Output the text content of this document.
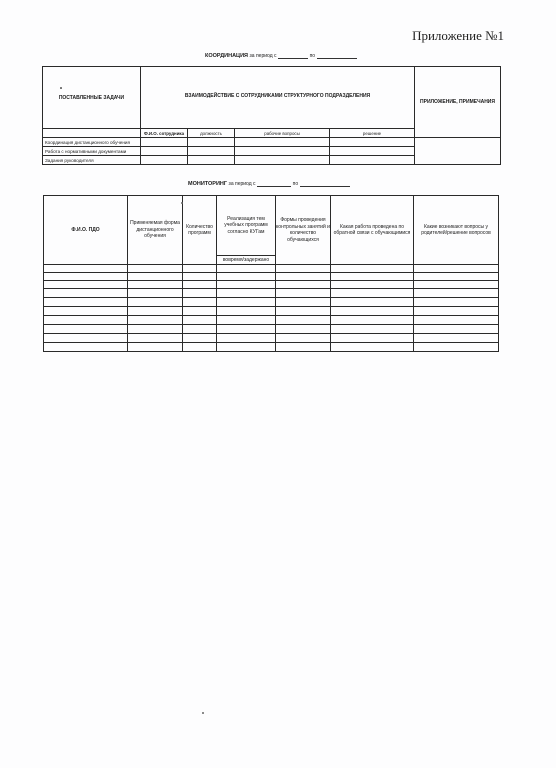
Приложение №1
КООРДИНАЦИЯ за период с	по
ПОСТАВЛЕННЫЕ ЗАДАЧИ	ВЗАИМОДЕЙСТВИЕ С СОТРУДНИКАМИ СТРУКТУРНОГО ПОДРАЗДЕЛЕНИЯ				ПРИЛОЖЕНИЕ, ПРИМЕЧАНИЯ
	Ф.И.О. сотрудника	должность	рабочие вопросы	решение	
Координация дистанционного обучения					
Работа с нормативными документами					
Задания руководителя					
МОНИТОРИНГ за период с	по
Ф.И.О. ПДО	Применяемая форма дистанционного обучения	Количество программ	Реализация тем учебных программ согласно КУГам	Формы проведения контрольных занятий и количество обучающихся	Какая работа проведена по обратной связи с обучающимися	Какие возникают вопросы у родителей/решение вопросов
			вовремя/задержано			
